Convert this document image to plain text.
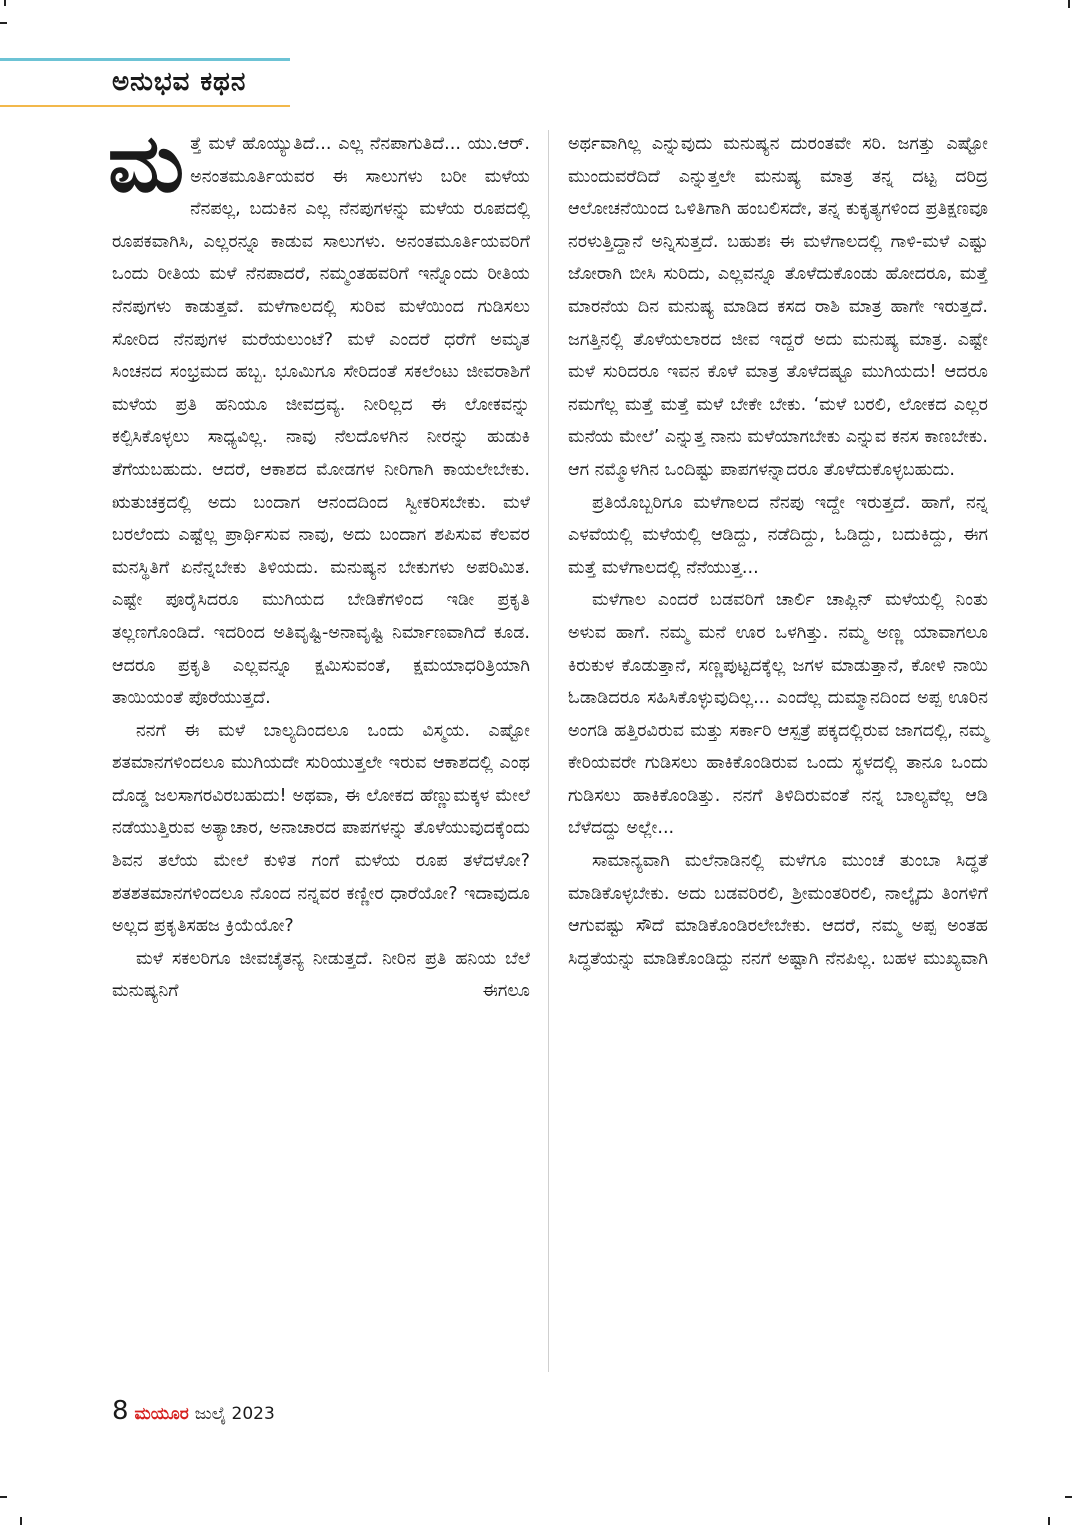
ಅನುಭವ ಕಥನ

ಮತ್ತೆ ಮಳೆ ಹೊಯ್ಯುತಿದೆ... ಎಲ್ಲ ನೆನಪಾಗುತಿದೆ... ಯು.ಆರ್. ಅನಂತಮೂರ್ತಿಯವರ ಈ ಸಾಲುಗಳು ಬರೀ ಮಳೆಯ ನೆನಪಲ್ಲ, ಬದುಕಿನ ಎಲ್ಲ ನೆನಪುಗಳನ್ನು ಮಳೆಯ ರೂಪದಲ್ಲಿ ರೂಪಕವಾಗಿಸಿ, ಎಲ್ಲರನ್ನೂ ಕಾಡುವ ಸಾಲುಗಳು. ಅನಂತಮೂರ್ತಿಯವರಿಗೆ ಒಂದು ರೀತಿಯ ಮಳೆ ನೆನಪಾದರೆ, ನಮ್ಮಂತಹವರಿಗೆ ಇನ್ನೊಂದು ರೀತಿಯ ನೆನಪುಗಳು ಕಾಡುತ್ತವೆ. ಮಳೆಗಾಲದಲ್ಲಿ ಸುರಿವ ಮಳೆಯಿಂದ ಗುಡಿಸಲು ಸೋರಿದ ನೆನಪುಗಳ ಮರೆಯಲುಂಟೆ? ಮಳೆ ಎಂದರೆ ಧರೆಗೆ ಅಮೃತ ಸಿಂಚನದ ಸಂಭ್ರಮದ ಹಬ್ಬ. ಭೂಮಿಗೂ ಸೇರಿದಂತೆ ಸಕಲೆಂಟು ಜೀವರಾಶಿಗೆ ಮಳೆಯ ಪ್ರತಿ ಹನಿಯೂ ಜೀವದ್ರವ್ಯ. ನೀರಿಲ್ಲದ ಈ ಲೋಕವನ್ನು ಕಲ್ಪಿಸಿಕೊಳ್ಳಲು ಸಾಧ್ಯವಿಲ್ಲ. ನಾವು ನೆಲದೊಳಗಿನ ನೀರನ್ನು ಹುಡುಕಿ ತೆಗೆಯಬಹುದು. ಆದರೆ, ಆಕಾಶದ ಮೋಡಗಳ ನೀರಿಗಾಗಿ ಕಾಯಲೇಬೇಕು. ಋತುಚಕ್ರದಲ್ಲಿ ಅದು ಬಂದಾಗ ಆನಂದದಿಂದ ಸ್ವೀಕರಿಸಬೇಕು. ಮಳೆ ಬರಲೆಂದು ಎಷ್ಟೆಲ್ಲ ಪ್ರಾರ್ಥಿಸುವ ನಾವು, ಅದು ಬಂದಾಗ ಶಪಿಸುವ ಕೆಲವರ ಮನಸ್ಥಿತಿಗೆ ಏನೆನ್ನಬೇಕು ತಿಳಿಯದು. ಮನುಷ್ಯನ ಬೇಕುಗಳು ಅಪರಿಮಿತ. ಎಷ್ಟೇ ಪೂರೈಸಿದರೂ ಮುಗಿಯದ ಬೇಡಿಕೆಗಳಿಂದ ಇಡೀ ಪ್ರಕೃತಿ ತಲ್ಲಣಗೊಂಡಿದೆ. ಇದರಿಂದ ಅತಿವೃಷ್ಟಿ-ಅನಾವೃಷ್ಟಿ ನಿರ್ಮಾಣವಾಗಿದೆ ಕೂಡ. ಆದರೂ ಪ್ರಕೃತಿ ಎಲ್ಲವನ್ನೂ ಕ್ಷಮಿಸುವಂತೆ, ಕ್ಷಮಯಾಧರಿತ್ರಿಯಾಗಿ ತಾಯಿಯಂತೆ ಪೊರೆಯುತ್ತದೆ.

ನನಗೆ ಈ ಮಳೆ ಬಾಲ್ಯದಿಂದಲೂ ಒಂದು ವಿಸ್ಮಯ. ಎಷ್ಟೋ ಶತಮಾನಗಳಿಂದಲೂ ಮುಗಿಯದೇ ಸುರಿಯುತ್ತಲೇ ಇರುವ ಆಕಾಶದಲ್ಲಿ ಎಂಥ ದೊಡ್ಡ ಜಲಸಾಗರವಿರಬಹುದು! ಅಥವಾ, ಈ ಲೋಕದ ಹೆಣ್ಣುಮಕ್ಕಳ ಮೇಲೆ ನಡೆಯುತ್ತಿರುವ ಅತ್ಯಾಚಾರ, ಅನಾಚಾರದ ಪಾಪಗಳನ್ನು ತೊಳೆಯುವುದಕ್ಕೆಂದು ಶಿವನ ತಲೆಯ ಮೇಲೆ ಕುಳಿತ ಗಂಗೆ ಮಳೆಯ ರೂಪ ತಳೆದಳೋ? ಶತಶತಮಾನಗಳಿಂದಲೂ ನೊಂದ ನನ್ನವರ ಕಣ್ಣೀರ ಧಾರೆಯೋ? ಇದಾವುದೂ ಅಲ್ಲದ ಪ್ರಕೃತಿಸಹಜ ಕ್ರಿಯೆಯೋ?

ಮಳೆ ಸಕಲರಿಗೂ ಜೀವಚೈತನ್ಯ ನೀಡುತ್ತದೆ. ನೀರಿನ ಪ್ರತಿ ಹನಿಯ ಬೆಲೆ ಮನುಷ್ಯನಿಗೆ ಈಗಲೂ

ಅರ್ಥವಾಗಿಲ್ಲ ಎನ್ನುವುದು ಮನುಷ್ಯನ ದುರಂತವೇ ಸರಿ. ಜಗತ್ತು ಎಷ್ಟೋ ಮುಂದುವರೆದಿದೆ ಎನ್ನುತ್ತಲೇ ಮನುಷ್ಯ ಮಾತ್ರ ತನ್ನ ದಟ್ಟ ದರಿದ್ರ ಆಲೋಚನೆಯಿಂದ ಒಳಿತಿಗಾಗಿ ಹಂಬಲಿಸದೇ, ತನ್ನ ಕುಕೃತ್ಯಗಳಿಂದ ಪ್ರತಿಕ್ಷಣವೂ ನರಳುತ್ತಿದ್ದಾನೆ ಅನ್ನಿಸುತ್ತದೆ. ಬಹುಶಃ ಈ ಮಳೆಗಾಲದಲ್ಲಿ ಗಾಳಿ-ಮಳೆ ಎಷ್ಟು ಜೋರಾಗಿ ಬೀಸಿ ಸುರಿದು, ಎಲ್ಲವನ್ನೂ ತೊಳೆದುಕೊಂಡು ಹೋದರೂ, ಮತ್ತೆ ಮಾರನೆಯ ದಿನ ಮನುಷ್ಯ ಮಾಡಿದ ಕಸದ ರಾಶಿ ಮಾತ್ರ ಹಾಗೇ ಇರುತ್ತದೆ. ಜಗತ್ತಿನಲ್ಲಿ ತೊಳೆಯಲಾರದ ಜೀವ ಇದ್ದರೆ ಅದು ಮನುಷ್ಯ ಮಾತ್ರ. ಎಷ್ಟೇ ಮಳೆ ಸುರಿದರೂ ಇವನ ಕೊಳೆ ಮಾತ್ರ ತೊಳೆದಷ್ಟೂ ಮುಗಿಯದು! ಆದರೂ ನಮಗೆಲ್ಲ ಮತ್ತೆ ಮತ್ತೆ ಮಳೆ ಬೇಕೇ ಬೇಕು. ‘ಮಳೆ ಬರಲಿ, ಲೋಕದ ಎಲ್ಲರ ಮನೆಯ ಮೇಲೆ’ ಎನ್ನುತ್ತ ನಾನು ಮಳೆಯಾಗಬೇಕು ಎನ್ನುವ ಕನಸ ಕಾಣಬೇಕು. ಆಗ ನಮ್ಮೊಳಗಿನ ಒಂದಿಷ್ಟು ಪಾಪಗಳನ್ನಾದರೂ ತೊಳೆದುಕೊಳ್ಳಬಹುದು.

ಪ್ರತಿಯೊಬ್ಬರಿಗೂ ಮಳೆಗಾಲದ ನೆನಪು ಇದ್ದೇ ಇರುತ್ತದೆ. ಹಾಗೆ, ನನ್ನ ಎಳವೆಯಲ್ಲಿ ಮಳೆಯಲ್ಲಿ ಆಡಿದ್ದು, ನಡೆದಿದ್ದು, ಓಡಿದ್ದು, ಬದುಕಿದ್ದು, ಈಗ ಮತ್ತೆ ಮಳೆಗಾಲದಲ್ಲಿ ನೆನೆಯುತ್ತ...

ಮಳೆಗಾಲ ಎಂದರೆ ಬಡವರಿಗೆ ಚಾರ್ಲಿ ಚಾಪ್ಲಿನ್ ಮಳೆಯಲ್ಲಿ ನಿಂತು ಅಳುವ ಹಾಗೆ. ನಮ್ಮ ಮನೆ ಊರ ಒಳಗಿತ್ತು. ನಮ್ಮ ಅಣ್ಣ ಯಾವಾಗಲೂ ಕಿರುಕುಳ ಕೊಡುತ್ತಾನೆ, ಸಣ್ಣಪುಟ್ಟದಕ್ಕೆಲ್ಲ ಜಗಳ ಮಾಡುತ್ತಾನೆ, ಕೋಳಿ ನಾಯಿ ಓಡಾಡಿದರೂ ಸಹಿಸಿಕೊಳ್ಳುವುದಿಲ್ಲ... ಎಂದೆಲ್ಲ ದುಮ್ಮಾನದಿಂದ ಅಪ್ಪ ಊರಿನ ಅಂಗಡಿ ಹತ್ತಿರವಿರುವ ಮತ್ತು ಸರ್ಕಾರಿ ಆಸ್ಪತ್ರೆ ಪಕ್ಕದಲ್ಲಿರುವ ಜಾಗದಲ್ಲಿ, ನಮ್ಮ ಕೇರಿಯವರೇ ಗುಡಿಸಲು ಹಾಕಿಕೊಂಡಿರುವ ಒಂದು ಸ್ಥಳದಲ್ಲಿ ತಾನೂ ಒಂದು ಗುಡಿಸಲು ಹಾಕಿಕೊಂಡಿತ್ತು. ನನಗೆ ತಿಳಿದಿರುವಂತೆ ನನ್ನ ಬಾಲ್ಯವೆಲ್ಲ ಆಡಿ ಬೆಳೆದದ್ದು ಅಲ್ಲೇ...

ಸಾಮಾನ್ಯವಾಗಿ ಮಲೆನಾಡಿನಲ್ಲಿ ಮಳೆಗೂ ಮುಂಚೆ ತುಂಬಾ ಸಿದ್ಧತೆ ಮಾಡಿಕೊಳ್ಳಬೇಕು. ಅದು ಬಡವರಿರಲಿ, ಶ್ರೀಮಂತರಿರಲಿ, ನಾಲ್ಕೈದು ತಿಂಗಳಿಗೆ ಆಗುವಷ್ಟು ಸೌದೆ ಮಾಡಿಕೊಂಡಿರಲೇಬೇಕು. ಆದರೆ, ನಮ್ಮ ಅಪ್ಪ ಅಂತಹ ಸಿದ್ಧತೆಯನ್ನು ಮಾಡಿಕೊಂಡಿದ್ದು ನನಗೆ ಅಷ್ಟಾಗಿ ನೆನಪಿಲ್ಲ. ಬಹಳ ಮುಖ್ಯವಾಗಿ

8 ಮಯೂರ ಜುಲೈ 2023
